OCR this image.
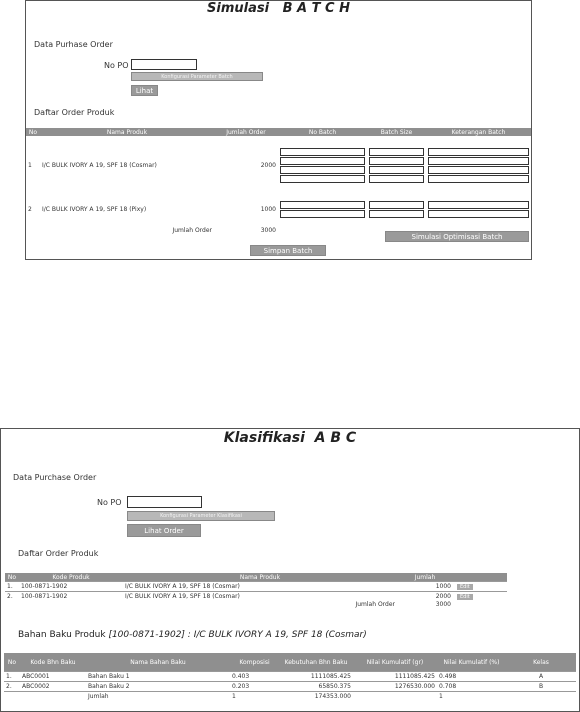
Simulasi   B A T C H
Data Purhase Order
No PO
Konfigurasi Parameter Batch
Lihat
Daftar Order Produk
No	Nama Produk	Jumlah Order	No Batch	Batch Size	Keterangan Batch
1	I/C BULK IVORY A 19, SPF 18 (Cosmar)	2000	

2	I/C BULK IVORY A 19, SPF 18 (Pixy)	1000	

	Jumlah Order	3000			
Simulasi Optimisasi Batch
Simpan Batch
Klasifikasi  A B C
Data Purchase Order
No PO
Konfigurasi Parameter Klasifikasi
Lihat Order
Daftar Order Produk
No	Kode Produk	Nama Produk	Jumlah	
1.	100-0871-1902	I/C BULK IVORY A 19, SPF 18 (Cosmar)	1000	Edit
2.	100-0871-1902	I/C BULK IVORY A 19, SPF 18 (Cosmar)	2000	Edit
		Jumlah Order	3000	
Bahan Baku Produk [100-0871-1902] : I/C BULK IVORY A 19, SPF 18 (Cosmar)
No	Kode Bhn Baku	Nama Bahan Baku	Komposisi	Kebutuhan Bhn Baku	Nilai Kumulatif (gr)	Nilai Kumulatif (%)	Kelas
1.	ABC0001	Bahan Baku 1	0.403	1111085.425	1111085.425	0.498	A
2.	ABC0002	Bahan Baku 2	0.203	65850.375	1276530.000	0.708	B
		Jumlah	1	174353.000		1	
